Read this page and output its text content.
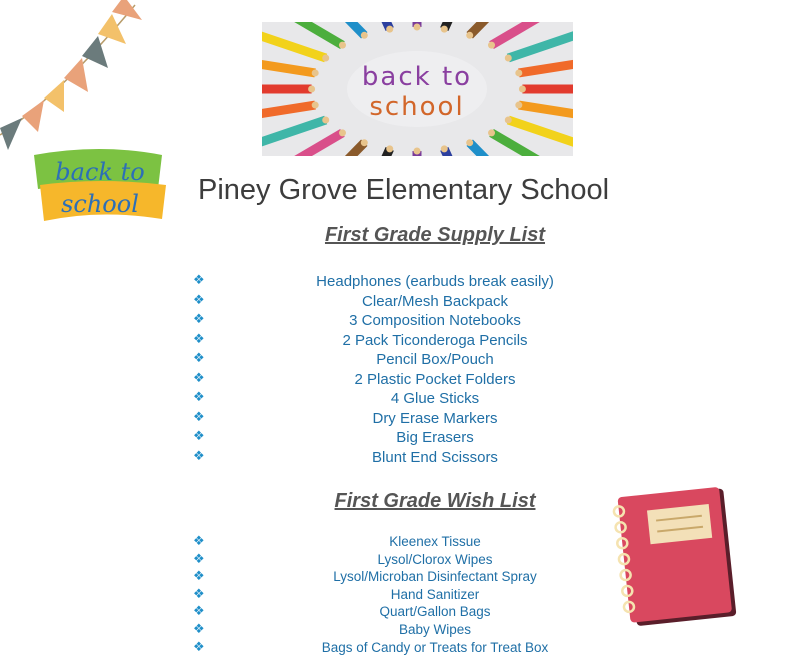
back to
school
back to
school Piney Grove Elementary School
First Grade Supply List
❖	Headphones (earbuds break easily)
❖	Clear/Mesh Backpack
❖	3 Composition Notebooks
❖	2 Pack Ticonderoga Pencils
❖	Pencil Box/Pouch
❖	2 Plastic Pocket Folders
❖	4 Glue Sticks
❖	Dry Erase Markers
❖	Big Erasers
❖	Blunt End Scissors
First Grade Wish List
❖	Kleenex Tissue
❖	Lysol/Clorox Wipes
❖	Lysol/Microban Disinfectant Spray
❖	Hand Sanitizer
❖	Quart/Gallon Bags
❖	Baby Wipes
❖	Bags of Candy or Treats for Treat Box
